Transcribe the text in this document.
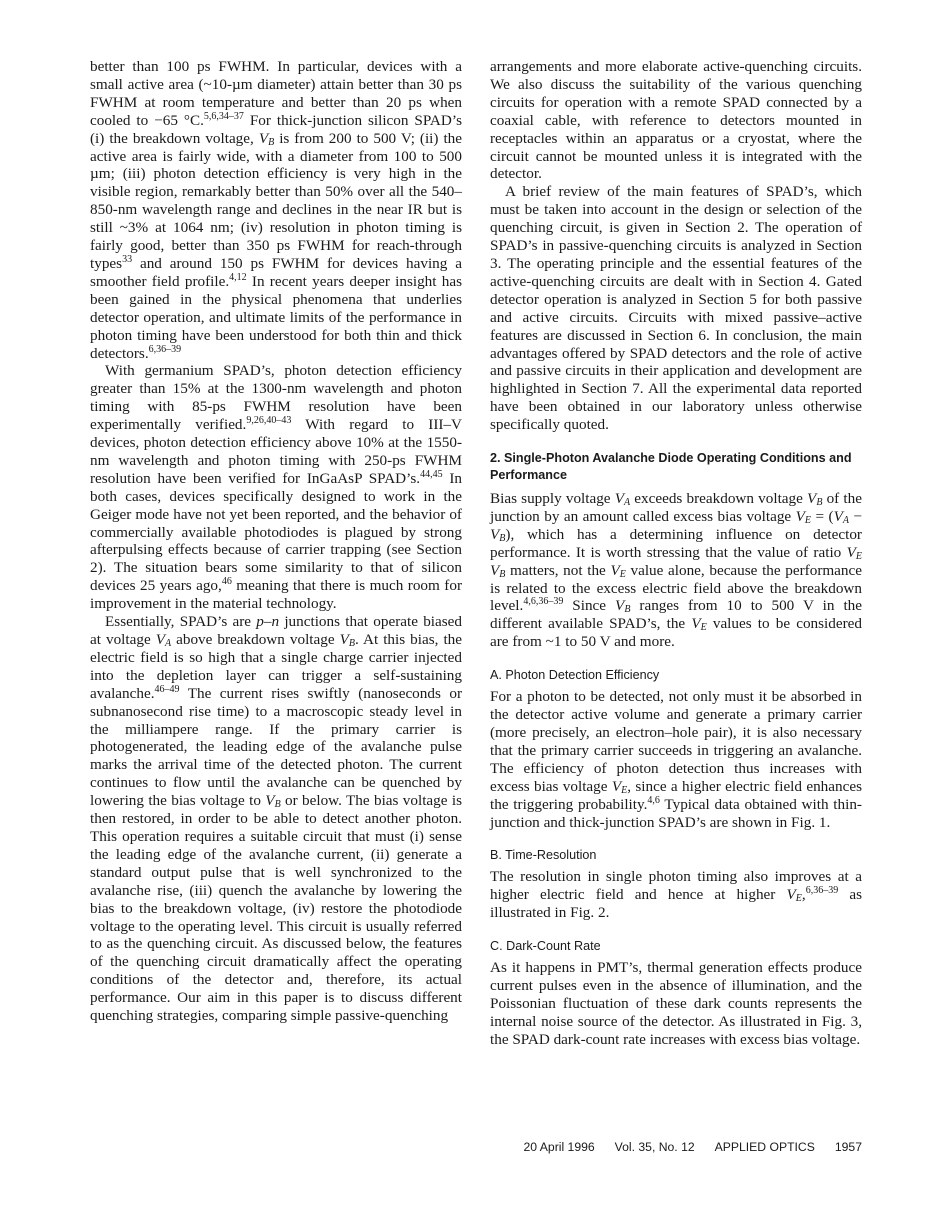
better than 100 ps FWHM. In particular, devices with a small active area (~10-µm diameter) attain better than 30 ps FWHM at room temperature and better than 20 ps when cooled to −65 °C.$^{5,6,34-37}$ For thick-junction silicon SPAD’s (i) the breakdown voltage, $V_B$ is from 200 to 500 V; (ii) the active area is fairly wide, with a diameter from 100 to 500 µm; (iii) photon detection efficiency is very high in the visible region, remarkably better than 50% over all the 540–850-nm wavelength range and declines in the near IR but is still ~3% at 1064 nm; (iv) resolution in photon timing is fairly good, better than 350 ps FWHM for reach-through types$^{33}$ and around 150 ps FWHM for devices having a smoother field profile.$^{4,12}$ In recent years deeper insight has been gained in the physical phenomena that underlies detector operation, and ultimate limits of the performance in photon timing have been understood for both thin and thick detectors.$^{6,36-39}$

With germanium SPAD’s, photon detection efficiency greater than 15% at the 1300-nm wavelength and photon timing with 85-ps FWHM resolution have been experimentally verified.$^{9,26,40-43}$ With regard to III–V devices, photon detection efficiency above 10% at the 1550-nm wavelength and photon timing with 250-ps FWHM resolution have been verified for InGaAsP SPAD’s.$^{44,45}$ In both cases, devices specifically designed to work in the Geiger mode have not yet been reported, and the behavior of commercially available photodiodes is plagued by strong afterpulsing effects because of carrier trapping (see Section 2). The situation bears some similarity to that of silicon devices 25 years ago,$^{46}$ meaning that there is much room for improvement in the material technology.

Essentially, SPAD’s are p–n junctions that operate biased at voltage $V_A$ above breakdown voltage $V_B$. At this bias, the electric field is so high that a single charge carrier injected into the depletion layer can trigger a self-sustaining avalanche.$^{46-49}$ The current rises swiftly (nanoseconds or subnanosecond rise time) to a macroscopic steady level in the milliampere range. If the primary carrier is photogenerated, the leading edge of the avalanche pulse marks the arrival time of the detected photon. The current continues to flow until the avalanche can be quenched by lowering the bias voltage to $V_B$ or below. The bias voltage is then restored, in order to be able to detect another photon. This operation requires a suitable circuit that must (i) sense the leading edge of the avalanche current, (ii) generate a standard output pulse that is well synchronized to the avalanche rise, (iii) quench the avalanche by lowering the bias to the breakdown voltage, (iv) restore the photodiode voltage to the operating level. This circuit is usually referred to as the quenching circuit. As discussed below, the features of the quenching circuit dramatically affect the operating conditions of the detector and, therefore, its actual performance. Our aim in this paper is to discuss different quenching strategies, comparing simple passive-quenching

arrangements and more elaborate active-quenching circuits. We also discuss the suitability of the various quenching circuits for operation with a remote SPAD connected by a coaxial cable, with reference to detectors mounted in receptacles within an apparatus or a cryostat, where the circuit cannot be mounted unless it is integrated with the detector.

A brief review of the main features of SPAD’s, which must be taken into account in the design or selection of the quenching circuit, is given in Section 2. The operation of SPAD’s in passive-quenching circuits is analyzed in Section 3. The operating principle and the essential features of the active-quenching circuits are dealt with in Section 4. Gated detector operation is analyzed in Section 5 for both passive and active circuits. Circuits with mixed passive–active features are discussed in Section 6. In conclusion, the main advantages offered by SPAD detectors and the role of active and passive circuits in their application and development are highlighted in Section 7. All the experimental data reported have been obtained in our laboratory unless otherwise specifically quoted.

2. Single-Photon Avalanche Diode Operating Conditions and Performance

Bias supply voltage $V_A$ exceeds breakdown voltage $V_B$ of the junction by an amount called excess bias voltage $V_E = (V_A - V_B)$, which has a determining influence on detector performance. It is worth stressing that the value of ratio $V_E$ $V_B$ matters, not the $V_E$ value alone, because the performance is related to the excess electric field above the breakdown level.$^{4,6,36-39}$ Since $V_B$ ranges from 10 to 500 V in the different available SPAD’s, the $V_E$ values to be considered are from ~1 to 50 V and more.

A. Photon Detection Efficiency

For a photon to be detected, not only must it be absorbed in the detector active volume and generate a primary carrier (more precisely, an electron–hole pair), it is also necessary that the primary carrier succeeds in triggering an avalanche. The efficiency of photon detection thus increases with excess bias voltage $V_E$, since a higher electric field enhances the triggering probability.$^{4,6}$ Typical data obtained with thin-junction and thick-junction SPAD’s are shown in Fig. 1.

B. Time-Resolution

The resolution in single photon timing also improves at a higher electric field and hence at higher $V_E,^{6,36-39}$ as illustrated in Fig. 2.

C. Dark-Count Rate

As it happens in PMT’s, thermal generation effects produce current pulses even in the absence of illumination, and the Poissonian fluctuation of these dark counts represents the internal noise source of the detector. As illustrated in Fig. 3, the SPAD dark-count rate increases with excess bias voltage.

20 April 1996 Vol. 35, No. 12 APPLIED OPTICS 1957
